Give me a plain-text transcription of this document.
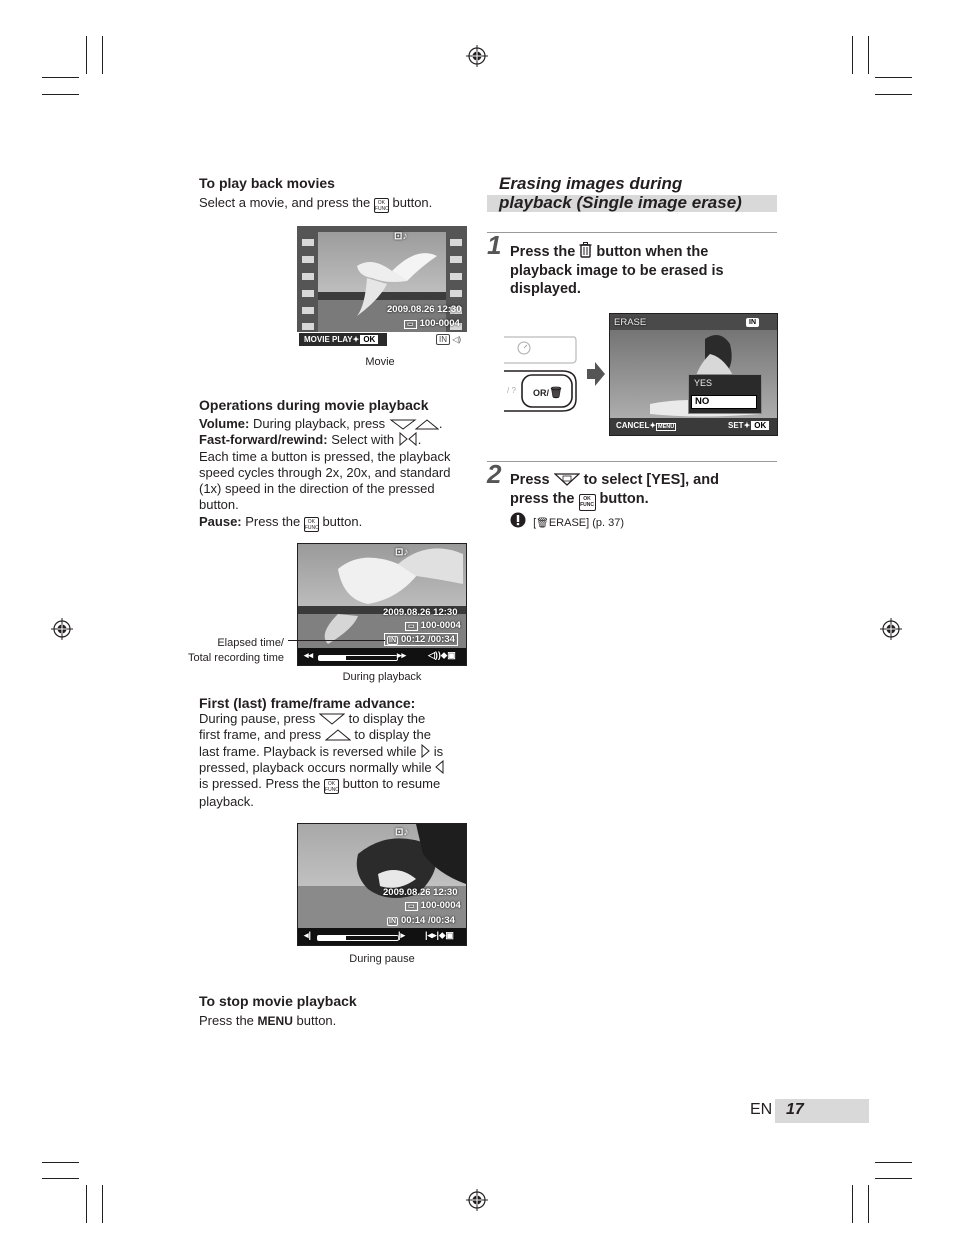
To play back movies
Select a movie, and press the OK
FUNC button.
⊡♪
2009.08.26 12:30
▭ 100-0004
MOVIE PLAY✦ OK	IN ◁)
Movie
Operations during movie playback
Volume: During playback, press	.
Fast-forward/rewind: Select with .
Each time a button is pressed, the playback speed cycles through 2x, 20x, and standard (1x) speed in the direction of the pressed button.
Pause: Press the OK
FUNC button.
⊡♪
2009.08.26 12:30
▭ 100-0004
IN 00:12 /00:34
◂◂	▸▸ ◁))⬥▣
Elapsed time/
Total recording time
During playback
First (last) frame/frame advance:
During pause, press	to display the
first frame, and press	to display the
last frame. Playback is reversed while is
pressed, playback occurs normally while
is pressed. Press the OK
FUNC button to resume
playback.
⊡♪
2009.08.26 12:30
▭ 100-0004
IN 00:14 /00:34
◂|	|▸ |◂▸|⬥▣
During pause
To stop movie playback
Press the MENU button.
Erasing images during
playback (Single image erase)
1 Press the button when the
playback image to be erased is
displayed.
/ ? OR/🗑
ERASE	IN
YES
NO
CANCEL✦ MENU	SET✦ OK
2 Press to select [YES], and
press the OK
FUNC button.
[🗑ERASE] (p. 37)
EN 17
